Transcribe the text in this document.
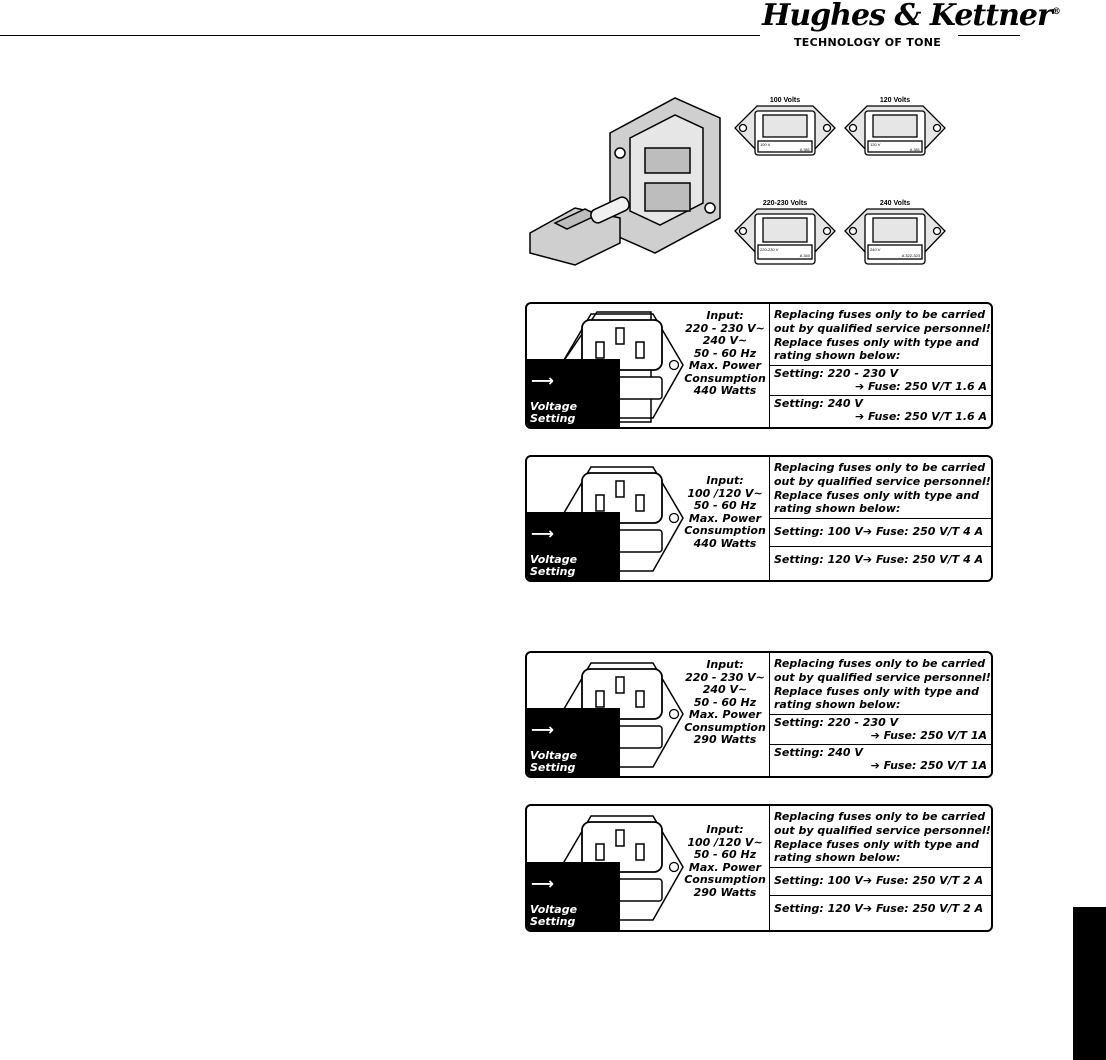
Hughes & Kettner®
TECHNOLOGY OF TONE
100 Volts	120 Volts
220-230 Volts	240 Volts
100 V
A 381
120 V
A 381
220-230 V
A 340
240 V
A 322-323
⟶
Voltage
Setting
Input:
220 - 230 V~
240 V~
50 - 60 Hz
Max. Power
Consumption
440 Watts
Replacing fuses only to be carried
out by qualified service personnel!
Replace fuses only with type and
rating shown below:
Setting: 220 - 230 V
➔ Fuse: 250 V/T 1.6 A
Setting: 240 V
➔ Fuse: 250 V/T 1.6 A
⟶
Voltage
Setting
Input:
100 /120 V~
50 - 60 Hz
Max. Power
Consumption
440 Watts
Replacing fuses only to be carried
out by qualified service personnel!
Replace fuses only with type and
rating shown below:
Setting: 100 V➔ Fuse: 250 V/T 4 A
Setting: 120 V➔ Fuse: 250 V/T 4 A
⟶
Voltage
Setting
Input:
220 - 230 V~
240 V~
50 - 60 Hz
Max. Power
Consumption
290 Watts
Replacing fuses only to be carried
out by qualified service personnel!
Replace fuses only with type and
rating shown below:
Setting: 220 - 230 V
➔ Fuse: 250 V/T 1A
Setting: 240 V
➔ Fuse: 250 V/T 1A
⟶
Voltage
Setting
Input:
100 /120 V~
50 - 60 Hz
Max. Power
Consumption
290 Watts
Replacing fuses only to be carried
out by qualified service personnel!
Replace fuses only with type and
rating shown below:
Setting: 100 V➔ Fuse: 250 V/T 2 A
Setting: 120 V➔ Fuse: 250 V/T 2 A
